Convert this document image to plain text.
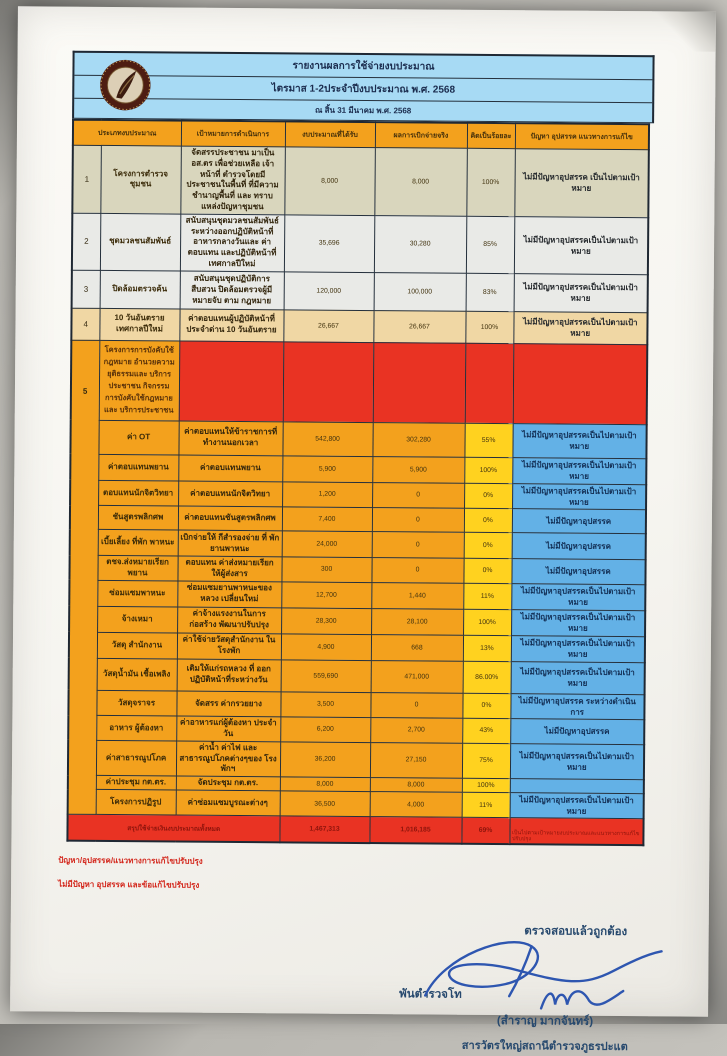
รายงานผลการใช้จ่ายงบประมาณ
ไตรมาส 1-2ประจำปีงบประมาณ พ.ศ. 2568
ณ สิ้น 31 มีนาคม พ.ศ. 2568
ประเภทงบประมาณ		เป้าหมายการดำเนินการ	งบประมาณที่ได้รับ	ผลการเบิกจ่ายจริง	คิดเป็นร้อยละ	ปัญหา อุปสรรค แนวทางการแก้ไข
1	โครงการตำรวจชุมชน	จัดสรรประชาชน มาเป็น อส.ตร เพื่อช่วยเหลือ เจ้าหน้าที่ ตำรวจโดยมีประชาชนในพื้นที่ ที่มีความชำนาญพื้นที่ และ ทราบแหล่งปัญหาชุมชน	8,000	8,000	100%	ไม่มีปัญหาอุปสรรค เป็นไปตามเป้าหมาย
2	ชุดมวลชนสัมพันธ์	สนับสนุนชุดมวลชนสัมพันธ์ ระหว่างออกปฏิบัติหน้าที่ อาหารกลางวันและ ค่าตอบแทน และปฏิบัติหน้าที่ เทศกาลปีใหม่	35,696	30,280	85%	ไม่มีปัญหาอุปสรรคเป็นไปตามเป้าหมาย
3	ปิดล้อมตรวจค้น	สนับสนุนชุดปฏิบัติการสืบสวน ปิดล้อมตรวจผู้มีหมายจับ ตาม กฎหมาย	120,000	100,000	83%	ไม่มีปัญหาอุปสรรคเป็นไปตามเป้าหมาย
4	10 วันอันตราย เทศกาลปีใหม่	ค่าตอบแทนผู้ปฏิบัติหน้าที่ ประจำด่าน 10 วันอันตราย	26,667	26,667	100%	ไม่มีปัญหาอุปสรรคเป็นไปตามเป้าหมาย
5	โครงการการบังคับใช้กฎหมาย อำนวยความยุติธรรมและ บริการประชาชน กิจกรรม การบังคับใช้กฎหมาย และ บริการประชาชน					
	ค่า OT	ค่าตอบแทนให้ข้าราชการที่ ทำงานนอกเวลา	542,800	302,280	55%	ไม่มีปัญหาอุปสรรคเป็นไปตามเป้าหมาย
	ค่าตอบแทนพยาน	ค่าตอบแทนพยาน	5,900	5,900	100%	ไม่มีปัญหาอุปสรรคเป็นไปตามเป้าหมาย
	ตอบแทนนักจิตวิทยา	ค่าตอบแทนนักจิตวิทยา	1,200	0	0%	ไม่มีปัญหาอุปสรรคเป็นไปตามเป้าหมาย
	ชันสูตรพลิกศพ	ค่าตอบแทนชันสูตรพลิกศพ	7,400	0	0%	ไม่มีปัญหาอุปสรรค
	เบี้ยเลี้ยง ที่พัก พาหนะ	เบิกจ่ายให้ กีสำรองจ่าย ที่ พักยานพาหนะ	24,000	0	0%	ไม่มีปัญหาอุปสรรค
	ตชจ.ส่งหมายเรียก พยาน	ตอบแทน ค่าส่งหมายเรียก ให้ผู้ส่งสาร	300	0	0%	ไม่มีปัญหาอุปสรรค
	ซ่อมแซมพาหนะ	ซ่อมแซมยานพาหนะของ หลวง เปลี่ยนใหม่	12,700	1,440	11%	ไม่มีปัญหาอุปสรรคเป็นไปตามเป้าหมาย
	จ้างเหมา	ค่าจ้างแรงงานในการ ก่อสร้าง พัฒนาปรับปรุง	28,300	28,100	100%	ไม่มีปัญหาอุปสรรคเป็นไปตามเป้าหมาย
	วัสดุ สำนักงาน	ค่าใช้จ่ายวัสดุสำนักงาน ใน โรงพัก	4,900	668	13%	ไม่มีปัญหาอุปสรรคเป็นไปตามเป้าหมาย
	วัสดุน้ำมัน เชื้อเพลิง	เติมให้แก่รถหลวง ที่ ออก ปฏิบัติหน้าที่ระหว่างวัน	559,690	471,000	86.00%	ไม่มีปัญหาอุปสรรคเป็นไปตามเป้าหมาย
	วัสดุจราจร	จัดสรร ค่ากรวยยาง	3,500	0	0%	ไม่มีปัญหาอุปสรรค ระหว่างดำเนินการ
	อาหาร ผู้ต้องหา	ค่าอาหารแก่ผู้ต้องหา ประจำวัน	6,200	2,700	43%	ไม่มีปัญหาอุปสรรค
	ค่าสาธารณูปโภค	ค่าน้ำ ค่าไฟ และ สาธารณูปโภคต่างๆของ โรงพักฯ	36,200	27,150	75%	ไม่มีปัญหาอุปสรรคเป็นไปตามเป้าหมาย
	ค่าประชุม กต.ตร.	จัดประชุม กต.ตร.	8,000	8,000	100%	
	โครงการปฏิรูป	ค่าซ่อมแซมบูรณะต่างๆ	36,500	4,000	11%	ไม่มีปัญหาอุปสรรคเป็นไปตามเป้าหมาย
สรุปใช้จ่ายเงินงบประมาณทั้งหมด			1,467,313	1,016,185	69%	เป็นไปตามเป้าหมายงบประมาณและแนวทางการแก้ไขปรับปรุง
ปัญหา/อุปสรรค/แนวทางการแก้ไขปรับปรุง
ไม่มีปัญหา อุปสรรค และข้อแก้ไขปรับปรุง
ตรวจสอบแล้วถูกต้อง
พันตำรวจโท
(สำราญ มากจันทร์)
สารวัตรใหญ่สถานีตำรวจภูธรปะแต
